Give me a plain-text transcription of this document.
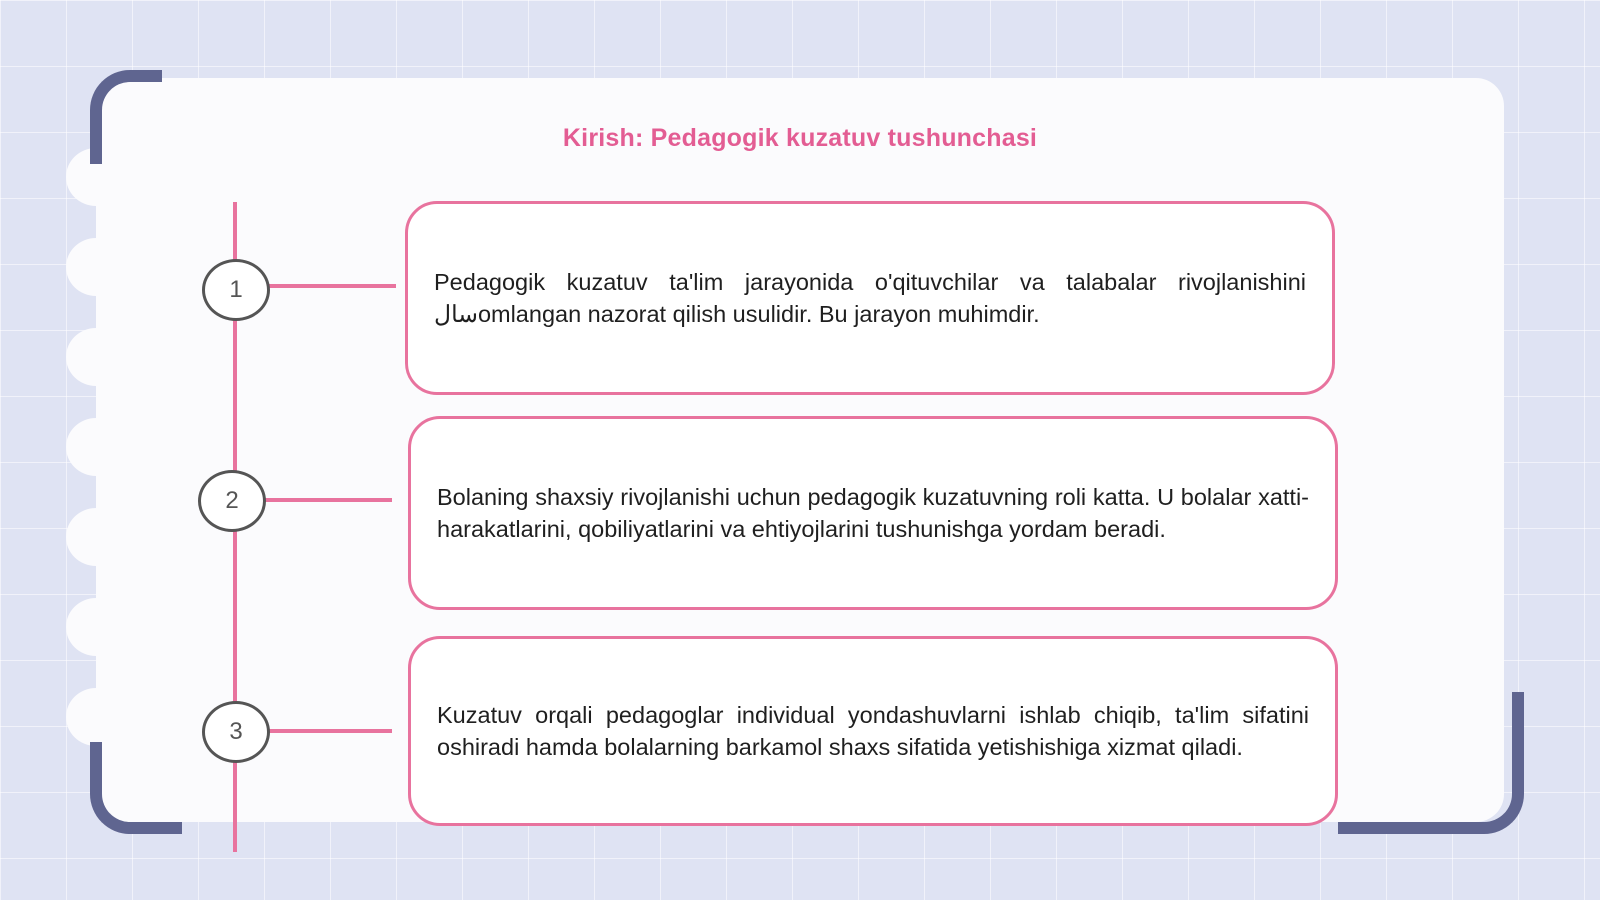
Kirish: Pedagogik kuzatuv tushunchasi
1
2
3

Pedagogik kuzatuv ta'lim jarayonida o'qituvchilar va talabalar rivojlanishini سالomlangan nazorat qilish usulidir. Bu jarayon muhimdir.

Bolaning shaxsiy rivojlanishi uchun pedagogik kuzatuvning roli katta. U bolalar xatti-harakatlarini, qobiliyatlarini va ehtiyojlarini tushunishga yordam beradi.

Kuzatuv orqali pedagoglar individual yondashuvlarni ishlab chiqib, ta'lim sifatini oshiradi hamda bolalarning barkamol shaxs sifatida yetishishiga xizmat qiladi.
